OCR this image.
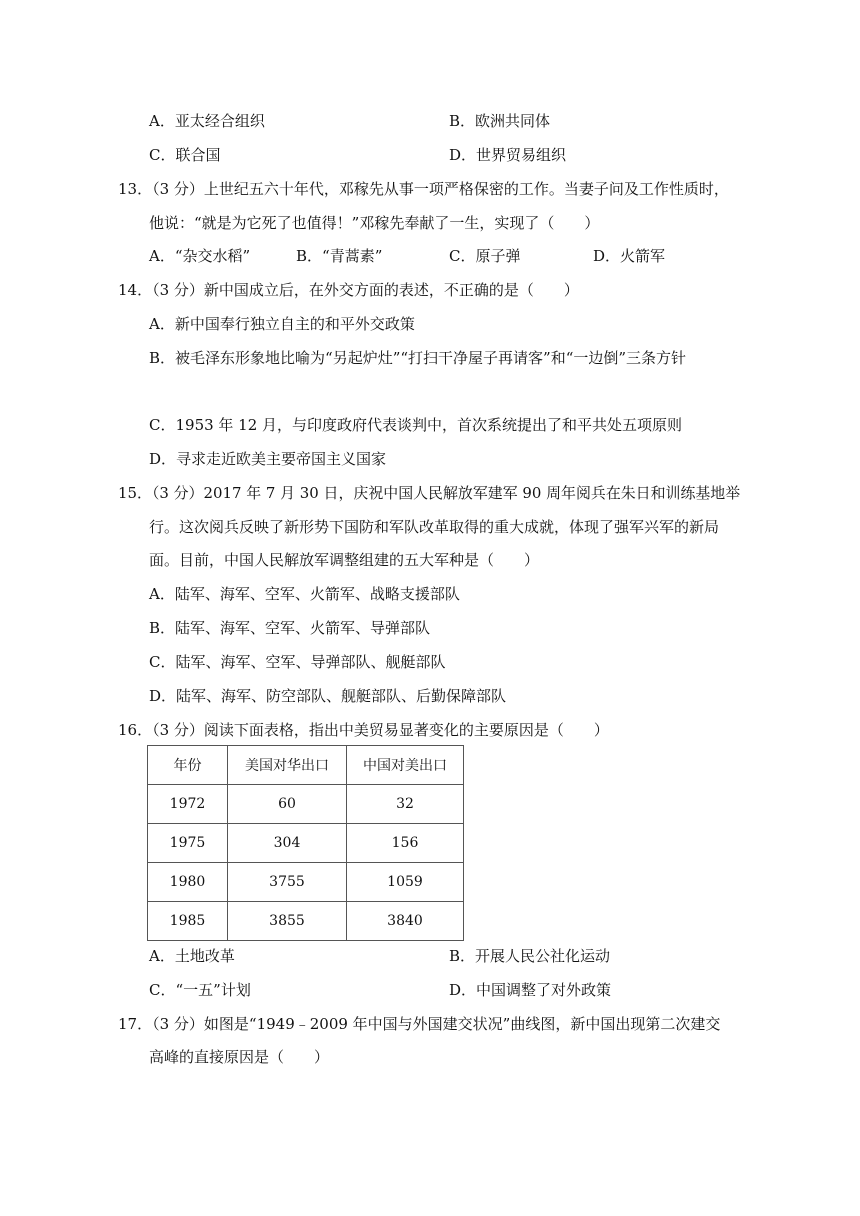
A．亚太经合组织	B．欧洲共同体
C．联合国	D．世界贸易组织
13．（3 分）上世纪五六十年代，邓稼先从事一项严格保密的工作。当妻子问及工作性质时，
他说：“就是为它死了也值得！”邓稼先奉献了一生，实现了（　　）
A．“杂交水稻”	B．“青蒿素”	C．原子弹	D．火箭军
14．（3 分）新中国成立后，在外交方面的表述，不正确的是（　　）
A．新中国奉行独立自主的和平外交政策
B．被毛泽东形象地比喻为“另起炉灶”“打扫干净屋子再请客”和“一边倒”三条方针
C．1953 年 12 月，与印度政府代表谈判中，首次系统提出了和平共处五项原则
D．寻求走近欧美主要帝国主义国家
15．（3 分）2017 年 7 月 30 日，庆祝中国人民解放军建军 90 周年阅兵在朱日和训练基地举
行。这次阅兵反映了新形势下国防和军队改革取得的重大成就，体现了强军兴军的新局
面。目前，中国人民解放军调整组建的五大军种是（　　）
A．陆军、海军、空军、火箭军、战略支援部队
B．陆军、海军、空军、火箭军、导弹部队
C．陆军、海军、空军、导弹部队、舰艇部队
D．陆军、海军、防空部队、舰艇部队、后勤保障部队
16．（3 分）阅读下面表格，指出中美贸易显著变化的主要原因是（　　）
年份	美国对华出口	中国对美出口
1972	60	32
1975	304	156
1980	3755	1059
1985	3855	3840
A．土地改革	B．开展人民公社化运动
C．“一五”计划	D．中国调整了对外政策
17．（3 分）如图是“1949﹣2009 年中国与外国建交状况”曲线图，新中国出现第二次建交
高峰的直接原因是（　　）
